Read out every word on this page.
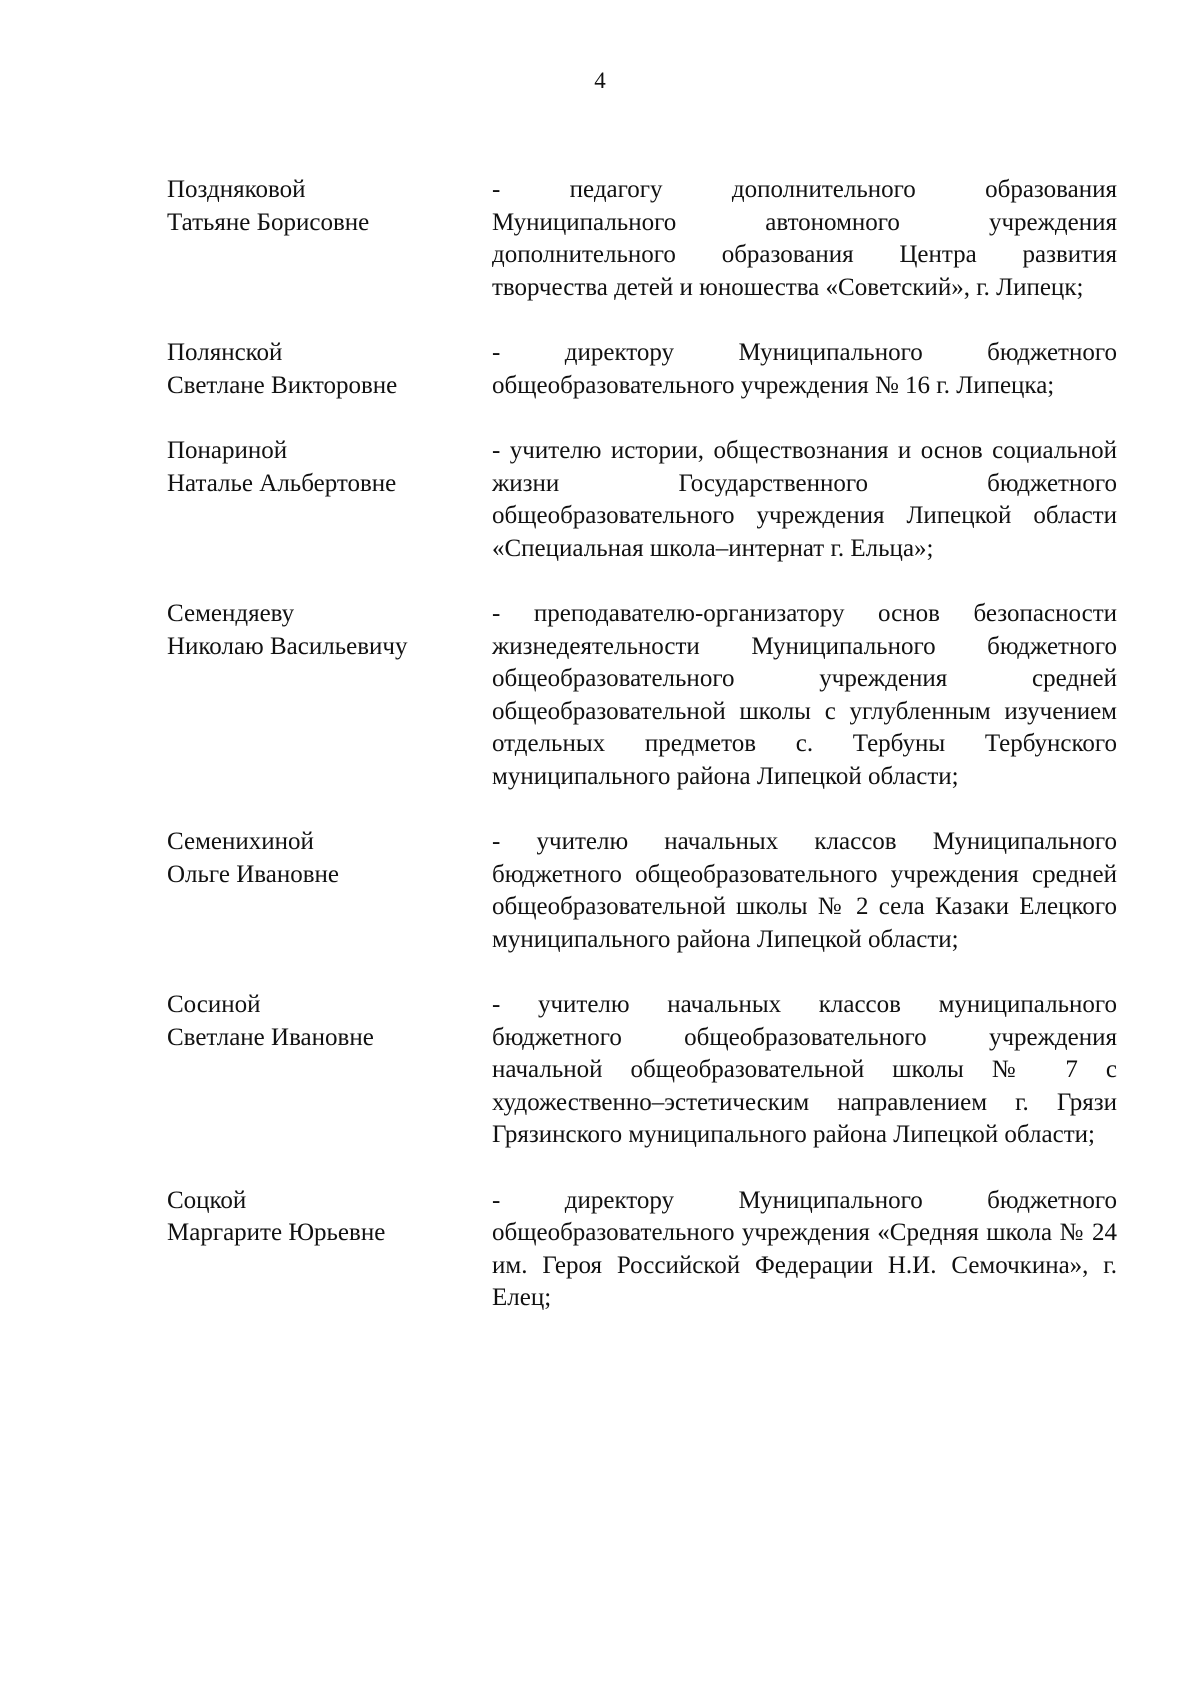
4
Поздняковой
Татьяне Борисовне
- педагогу дополнительного образования Муниципального автономного учреждения дополнительного образования Центра развития творчества детей и юношества «Советский», г. Липецк;
Полянской
Светлане Викторовне
- директору Муниципального бюджетного общеобразовательного учреждения № 16 г. Липецка;
Понариной
Наталье Альбертовне
- учителю истории, обществознания и основ социальной жизни Государственного бюджетного общеобразовательного учреждения Липецкой области «Специальная школа–интернат г. Ельца»;
Семендяеву
Николаю Васильевичу
- преподавателю-организатору основ безопасности жизнедеятельности Муниципального бюджетного общеобразовательного учреждения средней общеобразовательной школы с углубленным изучением отдельных предметов с. Тербуны Тербунского муниципального района Липецкой области;
Семенихиной
Ольге Ивановне
- учителю начальных классов Муниципального бюджетного общеобразовательного учреждения средней общеобразовательной школы № 2 села Казаки Елецкого муниципального района Липецкой области;
Сосиной
Светлане Ивановне
- учителю начальных классов муниципального бюджетного общеобразовательного учреждения начальной общеобразовательной школы № 7 с художественно–эстетическим направлением г. Грязи Грязинского муниципального района Липецкой области;
Соцкой
Маргарите Юрьевне
- директору Муниципального бюджетного общеобразовательного учреждения «Средняя школа № 24 им. Героя Российской Федерации Н.И. Семочкина», г. Елец;
